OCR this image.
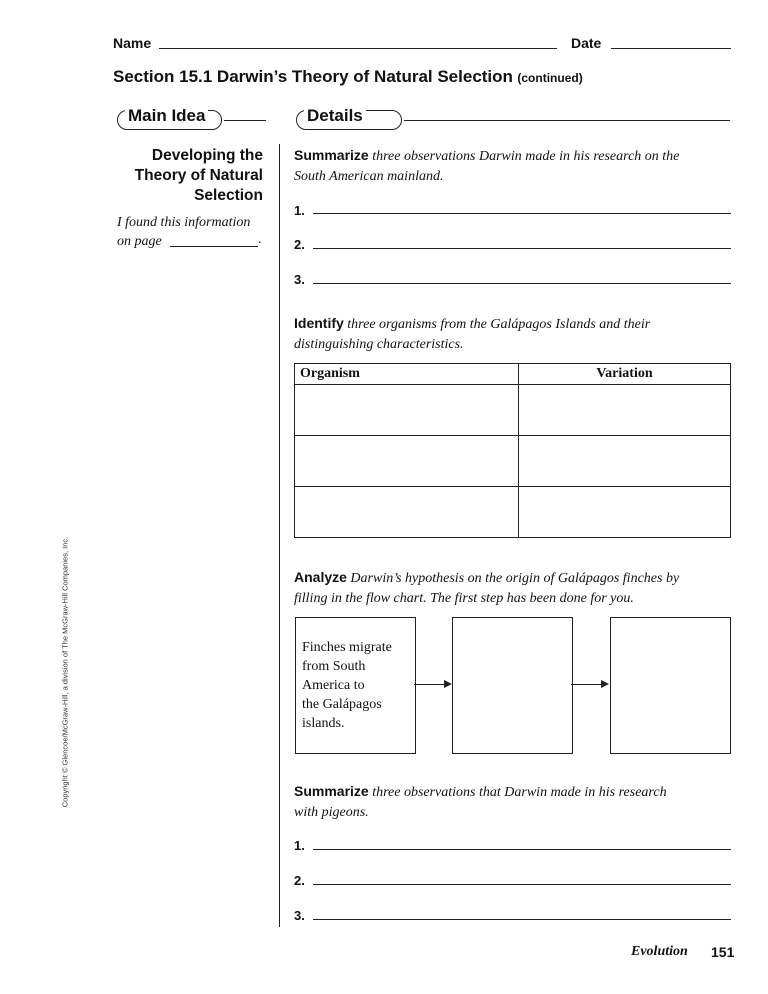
Name	Date
Section 15.1 Darwin’s Theory of Natural Selection (continued)
Main Idea	Details
Developing the
Theory of Natural
Selection
I found this information
on page	.
Summarize three observations Darwin made in his research on the
South American mainland.
1.
2.
3.
Identify three organisms from the Galápagos Islands and their
distinguishing characteristics.
Organism	Variation

Analyze Darwin’s hypothesis on the origin of Galápagos finches by
filling in the flow chart. The first step has been done for you.
Finches migrate
from South
America to
the Galápagos
islands.
Summarize three observations that Darwin made in his research
with pigeons.
1.
2.
3.
Evolution 151
Copyright © Glencoe/McGraw-Hill, a division of The McGraw-Hill Companies, Inc.
